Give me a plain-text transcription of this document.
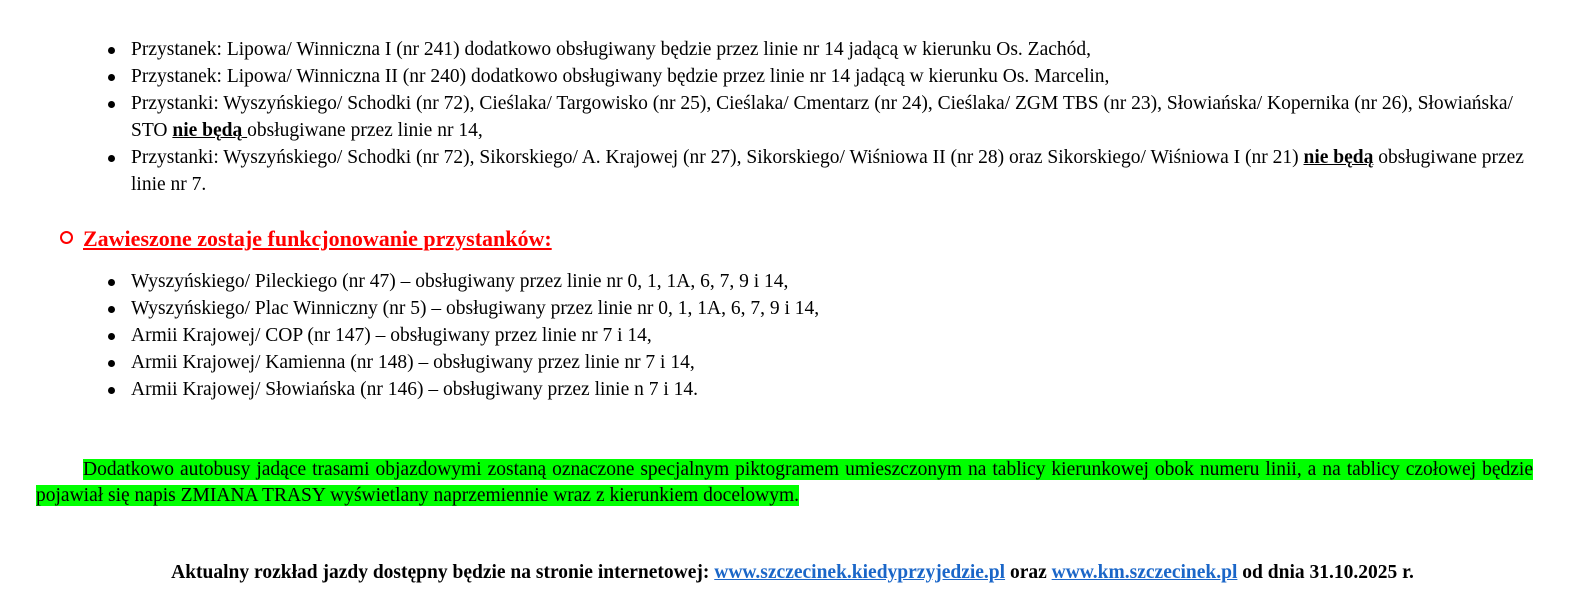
Przystanek: Lipowa/ Winniczna I (nr 241) dodatkowo obsługiwany będzie przez linie nr 14 jadącą w kierunku Os. Zachód,
Przystanek: Lipowa/ Winniczna II (nr 240) dodatkowo obsługiwany będzie przez linie nr 14 jadącą w kierunku Os. Marcelin,
Przystanki: Wyszyńskiego/ Schodki (nr 72), Cieślaka/ Targowisko (nr 25), Cieślaka/ Cmentarz (nr 24), Cieślaka/ ZGM TBS (nr 23), Słowiańska/ Kopernika (nr 26), Słowiańska/ STO nie będą obsługiwane przez linie nr 14,
Przystanki: Wyszyńskiego/ Schodki (nr 72), Sikorskiego/ A. Krajowej (nr 27), Sikorskiego/ Wiśniowa II (nr 28) oraz Sikorskiego/ Wiśniowa I (nr 21) nie będą obsługiwane przez linie nr 7.
Zawieszone zostaje funkcjonowanie przystanków:
Wyszyńskiego/ Pileckiego (nr 47) – obsługiwany przez linie nr 0, 1, 1A, 6, 7, 9 i 14,
Wyszyńskiego/ Plac Winniczny (nr 5) – obsługiwany przez linie nr 0, 1, 1A, 6, 7, 9 i 14,
Armii Krajowej/ COP (nr 147) – obsługiwany przez linie nr 7 i 14,
Armii Krajowej/ Kamienna (nr 148) – obsługiwany przez linie nr 7 i 14,
Armii Krajowej/ Słowiańska (nr 146) – obsługiwany przez linie n 7 i 14.

Dodatkowo autobusy jadące trasami objazdowymi zostaną oznaczone specjalnym piktogramem umieszczonym na tablicy kierunkowej obok numeru linii, a na tablicy czołowej będzie pojawiał się napis ZMIANA TRASY wyświetlany naprzemiennie wraz z kierunkiem docelowym.

Aktualny rozkład jazdy dostępny będzie na stronie internetowej: www.szczecinek.kiedyprzyjedzie.pl oraz www.km.szczecinek.pl od dnia 31.10.2025 r.
